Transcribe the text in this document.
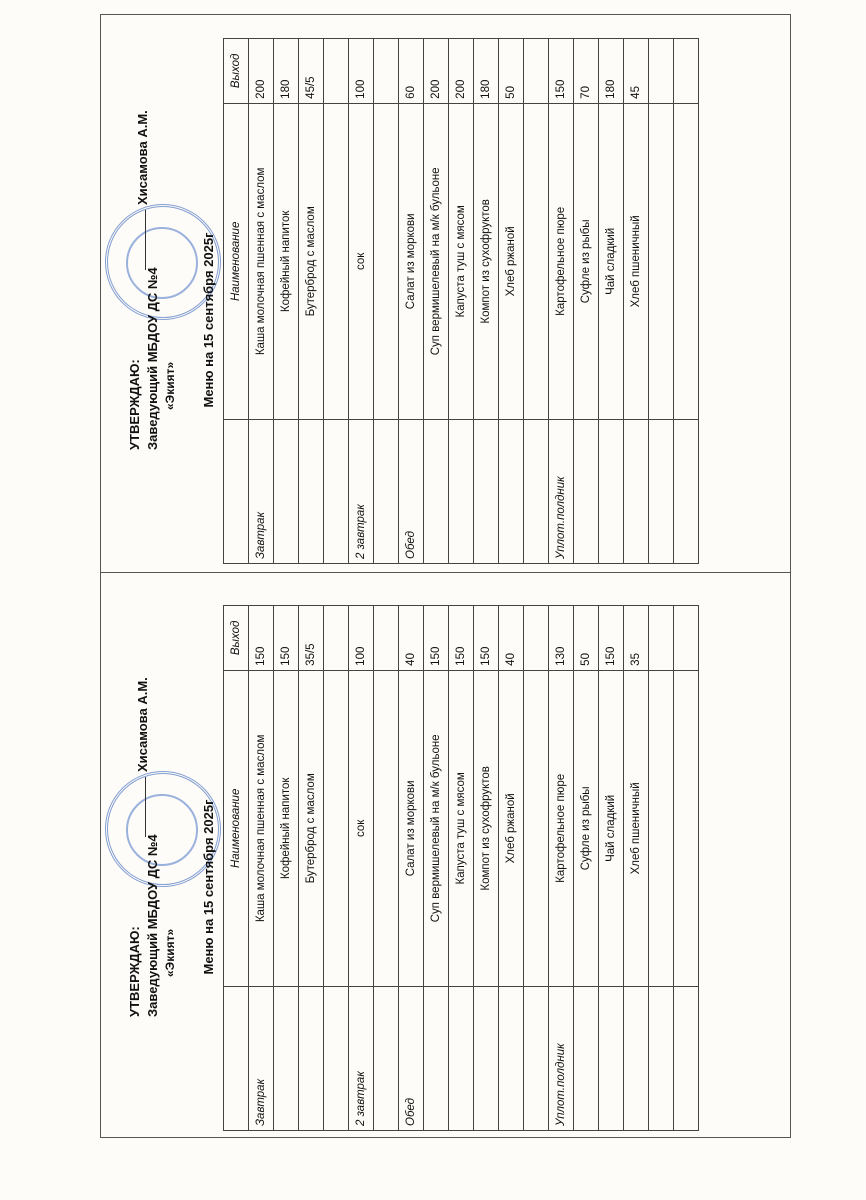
УТВЕРЖДАЮ: Заведующий МБДОУ ДС №4 «Экият»
Хисамова А.М.
Меню на 15 сентября 2025г
	Наименование	Выход
Завтрак	Каша молочная пшенная с маслом	200
	Кофейный напиток	180
	Бутерброд с маслом	45/5

2 завтрак	сок	100

Обед	Салат из моркови	60
	Суп вермишелевый на м/к бульоне	200
	Капуста туш с мясом	200
	Компот из сухофруктов	180
	Хлеб ржаной	50

Уплот.полдник	Картофельное пюре	150
	Суфле из рыбы	70
	Чай сладкий	180
	Хлеб пшеничный	45

УТВЕРЖДАЮ: Заведующий МБДОУ ДС №4 «Экият»
Хисамова А.М.
Меню на 15 сентября 2025г
	Наименование	Выход
Завтрак	Каша молочная пшенная с маслом	150
	Кофейный напиток	150
	Бутерброд с маслом	35/5

2 завтрак	сок	100

Обед	Салат из моркови	40
	Суп вермишелевый на м/к бульоне	150
	Капуста туш с мясом	150
	Компот из сухофруктов	150
	Хлеб ржаной	40

Уплот.полдник	Картофельное пюре	130
	Суфле из рыбы	50
	Чай сладкий	150
	Хлеб пшеничный	35
